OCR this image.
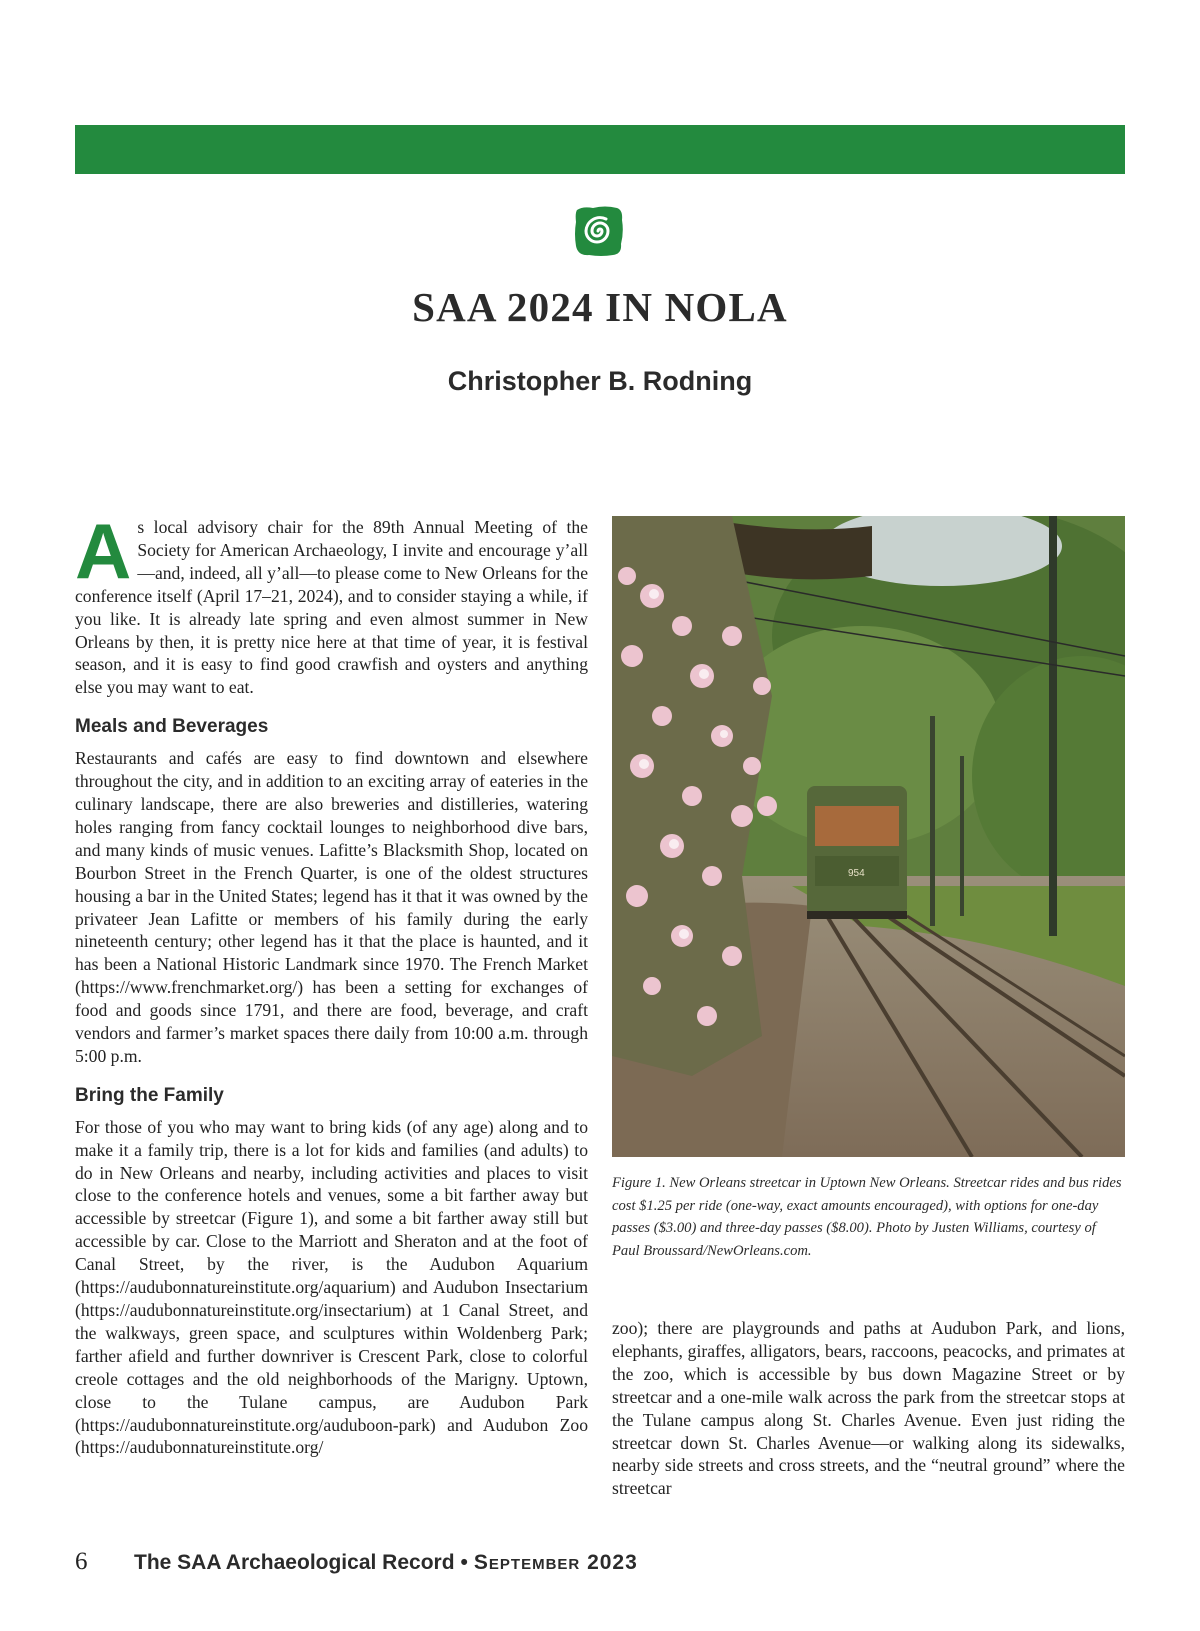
SAA 2024 IN NOLA
Christopher B. Rodning

As local advisory chair for the 89th Annual Meeting of the Society for American Archaeology, I invite and encourage y’all—and, indeed, all y’all—to please come to New Orleans for the conference itself (April 17–21, 2024), and to consider staying a while, if you like. It is already late spring and even almost summer in New Orleans by then, it is pretty nice here at that time of year, it is festival season, and it is easy to find good crawfish and oysters and anything else you may want to eat.

Meals and Beverages

Restaurants and cafés are easy to find downtown and elsewhere throughout the city, and in addition to an exciting array of eateries in the culinary landscape, there are also breweries and distilleries, watering holes ranging from fancy cocktail lounges to neighborhood dive bars, and many kinds of music venues. Lafitte’s Blacksmith Shop, located on Bourbon Street in the French Quarter, is one of the oldest structures housing a bar in the United States; legend has it that it was owned by the privateer Jean Lafitte or members of his family during the early nineteenth century; other legend has it that the place is haunted, and it has been a National Historic Landmark since 1970. The French Market (https://www.frenchmarket.org/) has been a setting for exchanges of food and goods since 1791, and there are food, beverage, and craft vendors and farmer’s market spaces there daily from 10:00 a.m. through 5:00 p.m.

Bring the Family

For those of you who may want to bring kids (of any age) along and to make it a family trip, there is a lot for kids and families (and adults) to do in New Orleans and nearby, including activities and places to visit close to the conference hotels and venues, some a bit farther away but accessible by streetcar (Figure 1), and some a bit farther away still but accessible by car. Close to the Marriott and Sheraton and at the foot of Canal Street, by the river, is the Audubon Aquarium (https://audubonnatureinstitute.org/aquarium) and Audubon Insectarium (https://audubonnatureinstitute.org/insectarium) at 1 Canal Street, and the walkways, green space, and sculptures within Woldenberg Park; farther afield and further downriver is Crescent Park, close to colorful creole cottages and the old neighborhoods of the Marigny. Uptown, close to the Tulane campus, are Audubon Park (https://audubonnatureinstitute.org/auduboon-park) and Audubon Zoo (https://audubonnatureinstitute.org/

954
Figure 1. New Orleans streetcar in Uptown New Orleans. Streetcar rides and bus rides cost $1.25 per ride (one-way, exact amounts encouraged), with options for one-day passes ($3.00) and three-day passes ($8.00). Photo by Justen Williams, courtesy of Paul Broussard/NewOrleans.com.

zoo); there are playgrounds and paths at Audubon Park, and lions, elephants, giraffes, alligators, bears, raccoons, peacocks, and primates at the zoo, which is accessible by bus down Magazine Street or by streetcar and a one-mile walk across the park from the streetcar stops at the Tulane campus along St. Charles Avenue. Even just riding the streetcar down St. Charles Avenue—or walking along its sidewalks, nearby side streets and cross streets, and the “neutral ground” where the streetcar

6 The SAA Archaeological Record • September 2023
